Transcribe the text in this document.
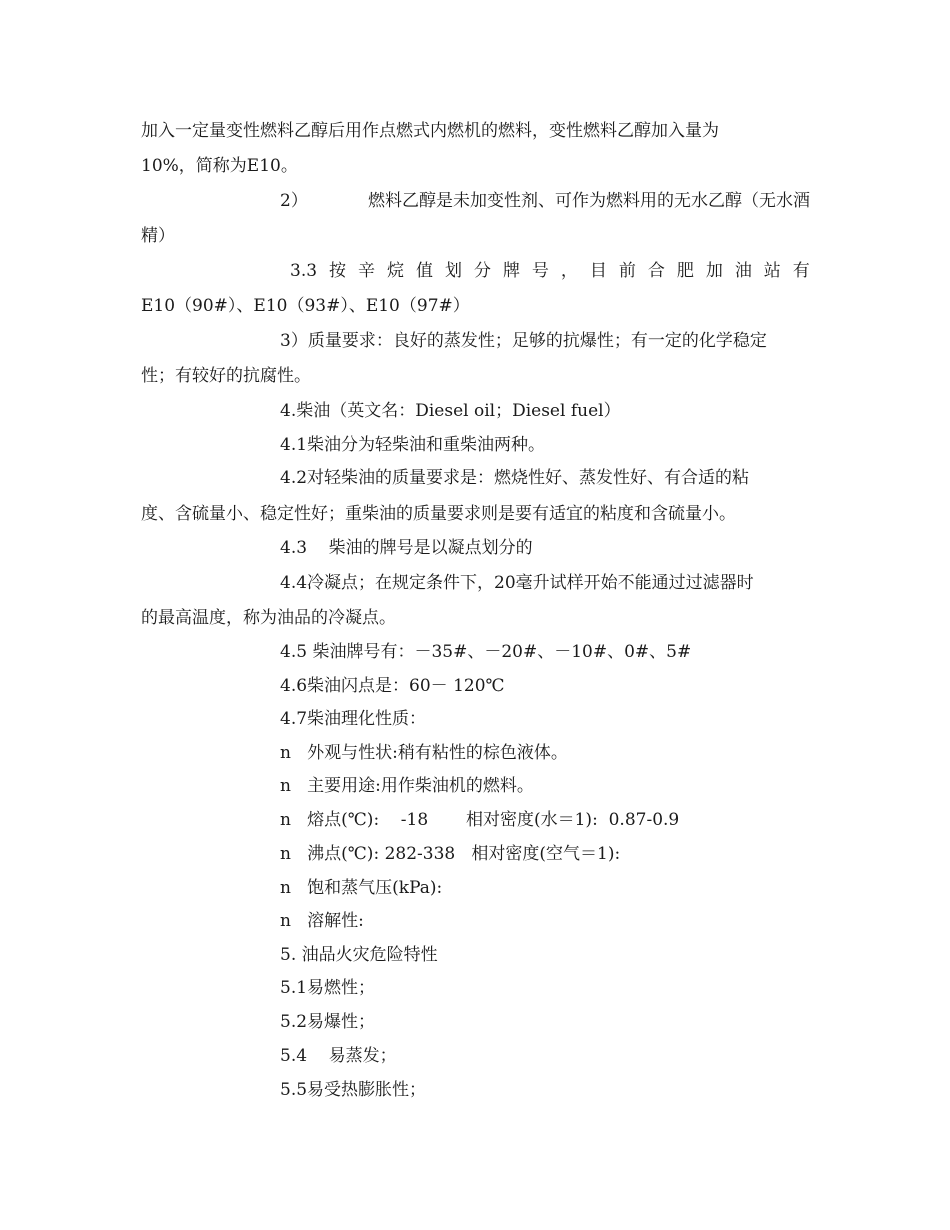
加入一定量变性燃料乙醇后用作点燃式内燃机的燃料，变性燃料乙醇加入量为
10%，简称为E10。
2）	燃料乙醇是未加变性剂、可作为燃料用的无水乙醇（无水酒
精）
3.3 按 辛 烷 值 划 分 牌 号 ， 目 前 合 肥 加 油 站 有
E10（90#）、E10（93#）、E10（97#）
3）质量要求：良好的蒸发性；足够的抗爆性；有一定的化学稳定
性；有较好的抗腐性。
4.柴油（英文名：Diesel oil；Diesel fuel）
4.1柴油分为轻柴油和重柴油两种。
4.2对轻柴油的质量要求是：燃烧性好、蒸发性好、有合适的粘
度、含硫量小、稳定性好；重柴油的质量要求则是要有适宜的粘度和含硫量小。
4.3    柴油的牌号是以凝点划分的
4.4冷凝点；在规定条件下，20毫升试样开始不能通过过滤器时
的最高温度，称为油品的冷凝点。
4.5 柴油牌号有：－35#、－20#、－10#、0#、5#
4.6柴油闪点是：60－ 120℃
4.7柴油理化性质：
n   外观与性状:稍有粘性的棕色液体。
n   主要用途:用作柴油机的燃料。
n   熔点(℃):    -18       相对密度(水＝1):  0.87-0.9
n   沸点(℃): 282-338   相对密度(空气＝1):
n   饱和蒸气压(kPa):
n   溶解性:
5. 油品火灾危险特性
5.1易燃性；
5.2易爆性；
5.4    易蒸发；
5.5易受热膨胀性；
